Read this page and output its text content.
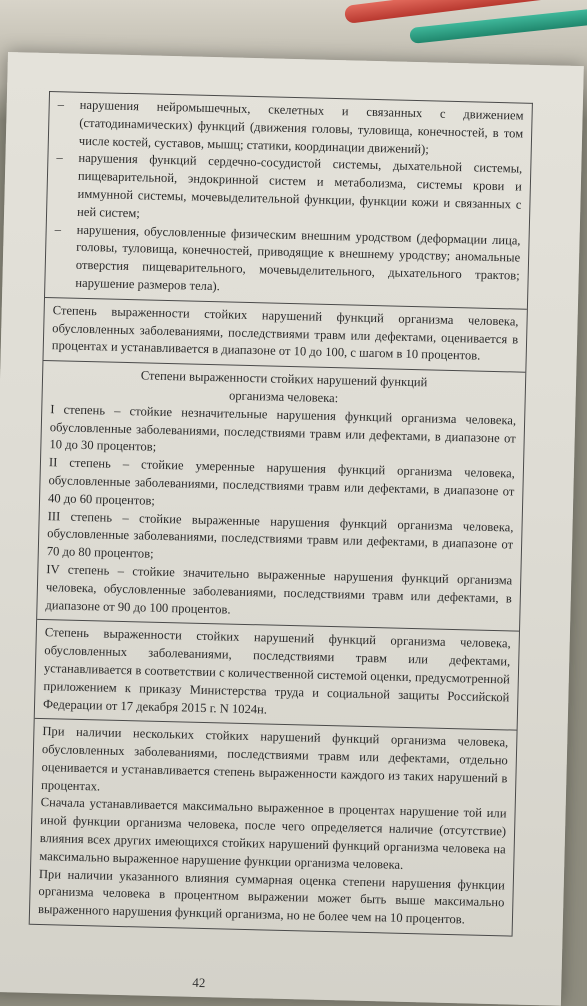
– нарушения нейромышечных, скелетных и связанных с движением (статодинамических) функций (движения головы, туловища, конечностей, в том числе костей, суставов, мышц; статики, координации движений);

– нарушения функций сердечно-сосудистой системы, дыхательной системы, пищеварительной, эндокринной систем и метаболизма, системы крови и иммунной системы, мочевыделительной функции, функции кожи и связанных с ней систем;

– нарушения, обусловленные физическим внешним уродством (деформации лица, головы, туловища, конечностей, приводящие к внешнему уродству; аномальные отверстия пищеварительного, мочевыделительного, дыхательного трактов; нарушение размеров тела).

Степень выраженности стойких нарушений функций организма человека, обусловленных заболеваниями, последствиями травм или дефектами, оценивается в процентах и устанавливается в диапазоне от 10 до 100, с шагом в 10 процентов.

Степени выраженности стойких нарушений функций

организма человека:

I степень – стойкие незначительные нарушения функций организма человека, обусловленные заболеваниями, последствиями травм или дефектами, в диапазоне от 10 до 30 процентов;

II степень – стойкие умеренные нарушения функций организма человека, обусловленные заболеваниями, последствиями травм или дефектами, в диапазоне от 40 до 60 процентов;

III степень – стойкие выраженные нарушения функций организма человека, обусловленные заболеваниями, последствиями травм или дефектами, в диапазоне от 70 до 80 процентов;

IV степень – стойкие значительно выраженные нарушения функций организма человека, обусловленные заболеваниями, последствиями травм или дефектами, в диапазоне от 90 до 100 процентов.

Степень выраженности стойких нарушений функций организма человека, обусловленных заболеваниями, последствиями травм или дефектами, устанавливается в соответствии с количественной системой оценки, предусмотренной приложением к приказу Министерства труда и социальной защиты Российской Федерации от 17 декабря 2015 г. N 1024н.

При наличии нескольких стойких нарушений функций организма человека, обусловленных заболеваниями, последствиями травм или дефектами, отдельно оценивается и устанавливается степень выраженности каждого из таких нарушений в процентах.

Сначала устанавливается максимально выраженное в процентах нарушение той или иной функции организма человека, после чего определяется наличие (отсутствие) влияния всех других имеющихся стойких нарушений функций организма человека на максимально выраженное нарушение функции организма человека.

При наличии указанного влияния суммарная оценка степени нарушения функции организма человека в процентном выражении может быть выше максимально выраженного нарушения функций организма, но не более чем на 10 процентов.

42
